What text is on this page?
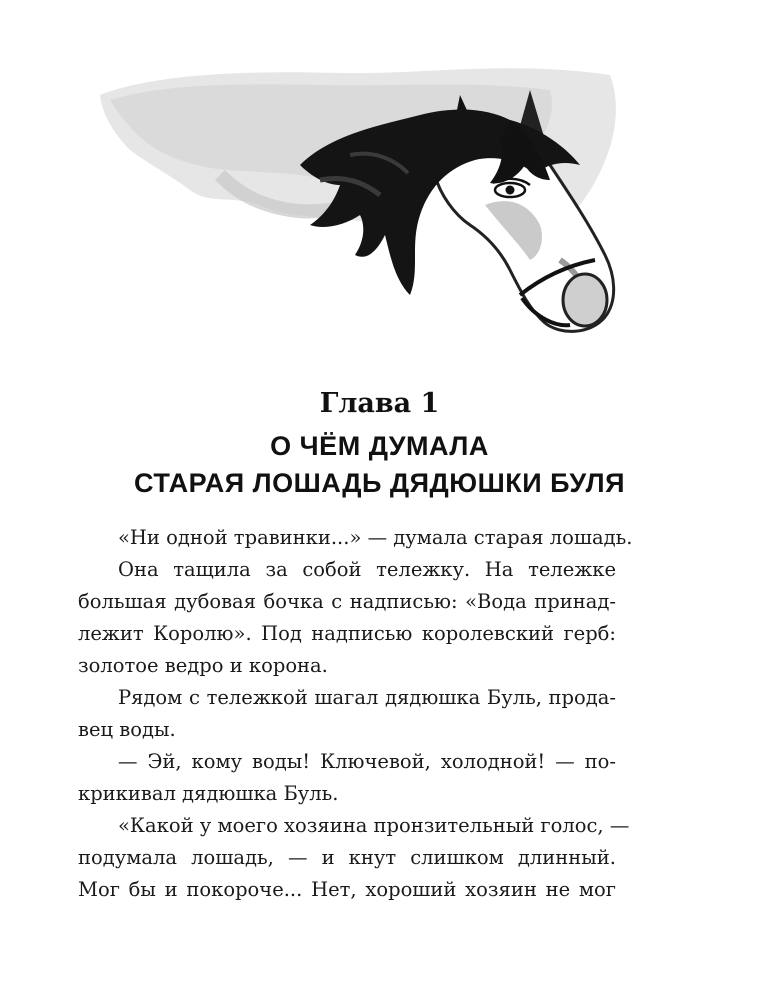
Глава 1
О ЧЁМ ДУМАЛА
СТАРАЯ ЛОШАДЬ ДЯДЮШКИ БУЛЯ
«Ни одной травинки...» — думала старая лошадь.
Она тащила за собой тележку. На тележке
большая дубовая бочка с надписью: «Вода принад-
лежит Королю». Под надписью королевский герб:
золотое ведро и корона.
Рядом с тележкой шагал дядюшка Буль, прода-
вец воды.
— Эй, кому воды! Ключевой, холодной! — по-
крикивал дядюшка Буль.
«Какой у моего хозяина пронзительный голос, —
подумала лошадь, — и кнут слишком длинный.
Мог бы и покороче... Нет, хороший хозяин не мог
